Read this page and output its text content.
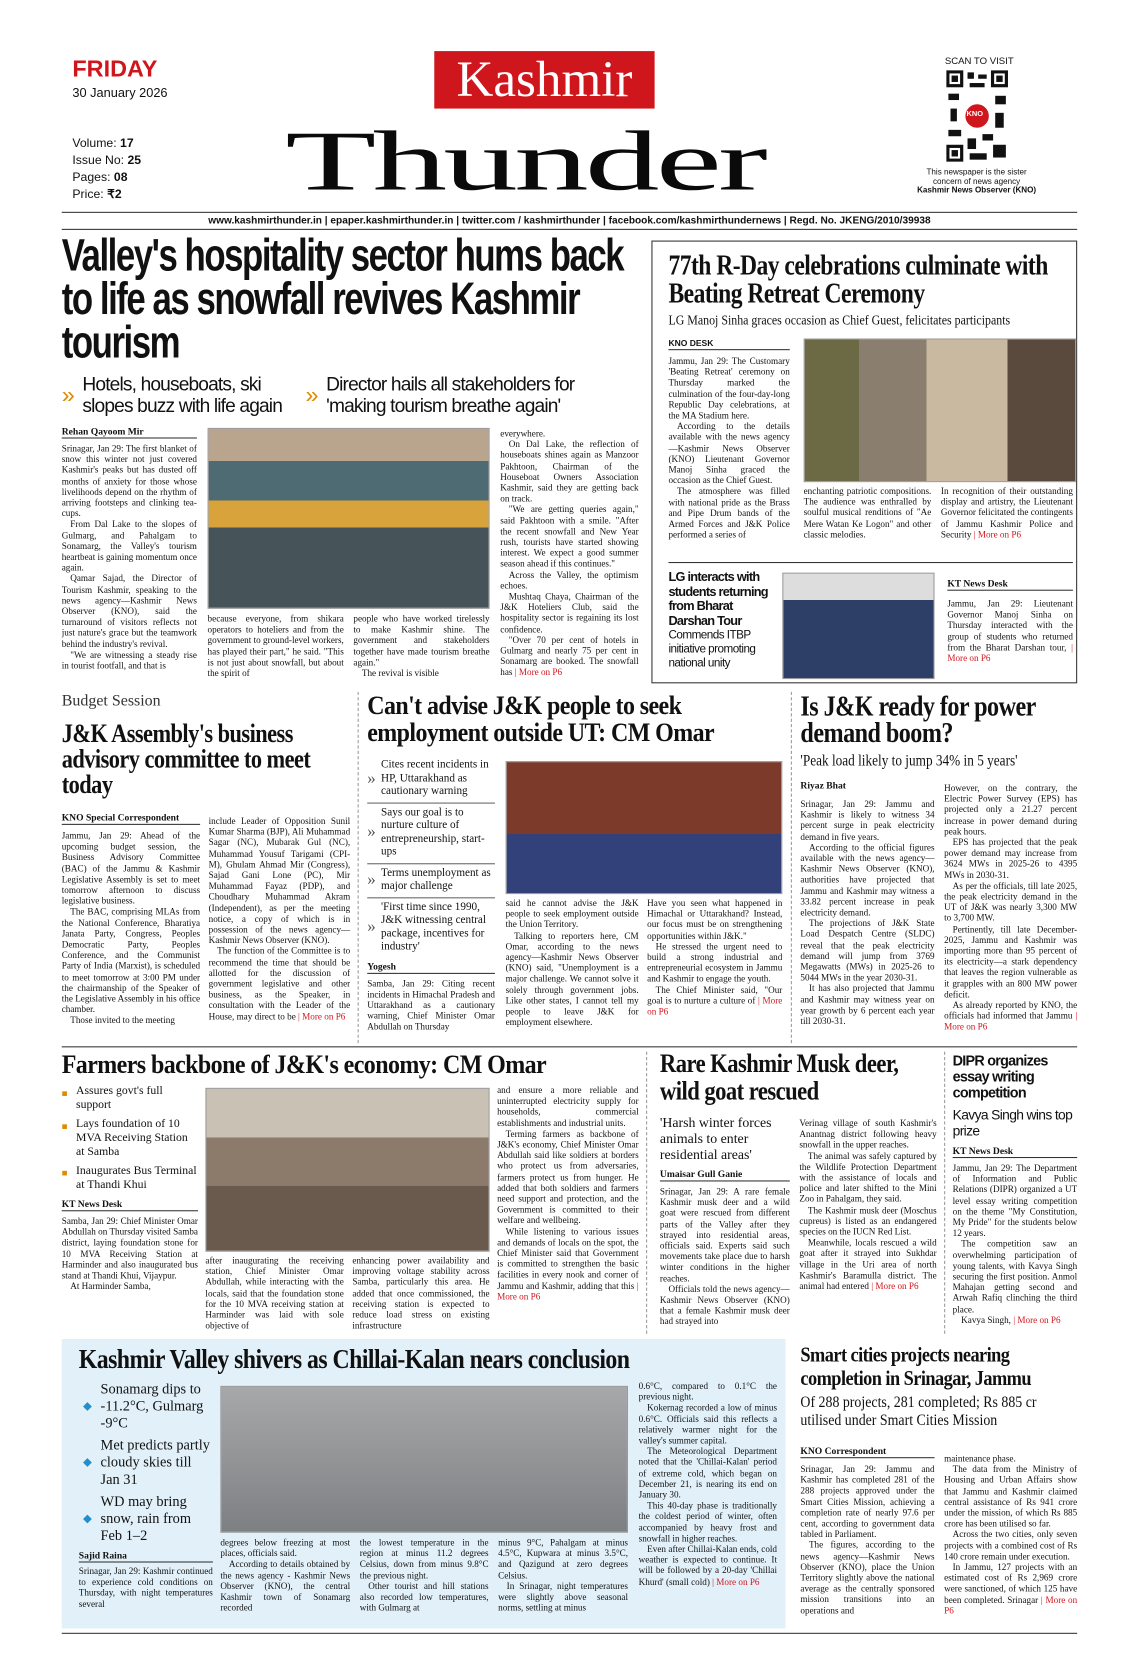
FRIDAY
30 January 2026
Volume: 17
Issue No: 25
Pages: 08
Price: ₹2
Kashmir
Thunder
SCAN TO VISIT
KNO
This newspaper is the sister
concern of news agency
Kashmir News Observer (KNO)
www.kashmirthunder.in | epaper.kashmirthunder.in | twitter.com / kashmirthunder | facebook.com/kashmirthundernews | Regd. No. JKENG/2010/39938
Valley's hospitality sector hums back to life as snowfall revives Kashmir tourism
» Hotels, houseboats, ski slopes buzz with life again	» Director hails all stakeholders for 'making tourism breathe again'
Rehan Qayoom Mir

Srinagar, Jan 29: The first blanket of snow this winter not just covered Kashmir's peaks but has dusted off months of anxiety for those whose livelihoods depend on the rhythm of arriving footsteps and clinking tea-cups.

From Dal Lake to the slopes of Gulmarg, and Pahalgam to Sonamarg, the Valley's tourism heartbeat is gaining momentum once again.

Qamar Sajad, the Director of Tourism Kashmir, speaking to the news agency—Kashmir News Observer (KNO), said the turnaround of visitors reflects not just nature's grace but the teamwork behind the industry's revival.

"We are witnessing a steady rise in tourist footfall, and that is

because everyone, from shikara operators to hoteliers and from the government to ground-level workers, has played their part," he said. "This is not just about snowfall, but about the spirit of

people who have worked tirelessly to make Kashmir shine. The government and stakeholders together have made tourism breathe again."

The revival is visible

everywhere.

On Dal Lake, the reflection of houseboats shines again as Manzoor Pakhtoon, Chairman of the Houseboat Owners Association Kashmir, said they are getting back on track.

"We are getting queries again," said Pakhtoon with a smile. "After the recent snowfall and New Year rush, tourists have started showing interest. We expect a good summer season ahead if this continues."

Across the Valley, the optimism echoes.

Mushtaq Chaya, Chairman of the J&K Hoteliers Club, said the hospitality sector is regaining its lost confidence.

"Over 70 per cent of hotels in Gulmarg and nearly 75 per cent in Sonamarg are booked. The snowfall has | More on P6

77th R-Day celebrations culminate with Beating Retreat Ceremony
LG Manoj Sinha graces occasion as Chief Guest, felicitates participants
KNO DESK

Jammu, Jan 29: The Customary 'Beating Retreat' ceremony on Thursday marked the culmination of the four-day-long Republic Day celebrations, at the MA Stadium here.

According to the details available with the news agency—Kashmir News Observer (KNO) Lieutenant Governor Manoj Sinha graced the occasion as the Chief Guest.

The atmosphere was filled with national pride as the Brass and Pipe Drum bands of the Armed Forces and J&K Police performed a series of

enchanting patriotic compositions. The audience was enthralled by soulful musical renditions of "Ae Mere Watan Ke Logon" and other classic melodies.

In recognition of their outstanding display and artistry, the Lieutenant Governor felicitated the contingents of Jammu Kashmir Police and Security | More on P6

LG interacts with students returning from Bharat Darshan Tour
Commends ITBP initiative promoting national unity
KT News Desk

Jammu, Jan 29: Lieutenant Governor Manoj Sinha on Thursday interacted with the group of students who returned from the Bharat Darshan tour, | More on P6

Budget Session
J&K Assembly's business advisory committee to meet today
KNO Special Correspondent

Jammu, Jan 29: Ahead of the upcoming budget session, the Business Advisory Committee (BAC) of the Jammu & Kashmir Legislative Assembly is set to meet tomorrow afternoon to discuss legislative business.

The BAC, comprising MLAs from the National Conference, Bharatiya Janata Party, Congress, Peoples Democratic Party, Peoples Conference, and the Communist Party of India (Marxist), is scheduled to meet tomorrow at 3:00 PM under the chairmanship of the Speaker of the Legislative Assembly in his office chamber.

Those invited to the meeting

include Leader of Opposition Sunil Kumar Sharma (BJP), Ali Muhammad Sagar (NC), Mubarak Gul (NC), Muhammad Yousuf Tarigami (CPI-M), Ghulam Ahmad Mir (Congress), Sajad Gani Lone (PC), Mir Muhammad Fayaz (PDP), and Choudhary Muhammad Akram (Independent), as per the meeting notice, a copy of which is in possession of the news agency—Kashmir News Observer (KNO).

The function of the Committee is to recommend the time that should be allotted for the discussion of government legislative and other business, as the Speaker, in consultation with the Leader of the House, may direct to be | More on P6

Can't advise J&K people to seek employment outside UT: CM Omar
»
Cites recent incidents in HP, Uttarakhand as cautionary warning
»
Says our goal is to nurture culture of entrepreneurship, start-ups
» Terms unemployment as major challenge
»
'First time since 1990, J&K witnessing central package, incentives for industry'
Yogesh

Samba, Jan 29: Citing recent incidents in Himachal Pradesh and Uttarakhand as a cautionary warning, Chief Minister Omar Abdullah on Thursday

said he cannot advise the J&K people to seek employment outside the Union Territory.

Talking to reporters here, CM Omar, according to the news agency—Kashmir News Observer (KNO) said, "Unemployment is a major challenge. We cannot solve it solely through government jobs. Like other states, I cannot tell my people to leave J&K for employment elsewhere.

Have you seen what happened in Himachal or Uttarakhand? Instead, our focus must be on strengthening opportunities within J&K."

He stressed the urgent need to build a strong industrial and entrepreneurial ecosystem in Jammu and Kashmir to engage the youth.

The Chief Minister said, "Our goal is to nurture a culture of | More on P6

Is J&K ready for power demand boom?
'Peak load likely to jump 34% in 5 years'
Riyaz Bhat

Srinagar, Jan 29: Jammu and Kashmir is likely to witness 34 percent surge in peak electricity demand in five years.

According to the official figures available with the news agency—Kashmir News Observer (KNO), authorities have projected that Jammu and Kashmir may witness a 33.82 percent increase in peak electricity demand.

The projections of J&K State Load Despatch Centre (SLDC) reveal that the peak electricity demand will jump from 3769 Megawatts (MWs) in 2025-26 to 5044 MWs in the year 2030-31.

It has also projected that Jammu and Kashmir may witness year on year growth by 6 percent each year till 2030-31.

However, on the contrary, the Electric Power Survey (EPS) has projected only a 21.27 percent increase in power demand during peak hours.

EPS has projected that the peak power demand may increase from 3624 MWs in 2025-26 to 4395 MWs in 2030-31.

As per the officials, till late 2025, the peak electricity demand in the UT of J&K was nearly 3,300 MW to 3,700 MW.

Pertinently, till late December-2025, Jammu and Kashmir was importing more than 95 percent of its electricity—a stark dependency that leaves the region vulnerable as it grapples with an 800 MW power deficit.

As already reported by KNO, the officials had informed that Jammu | More on P6

Farmers backbone of J&K's economy: CM Omar
■ Assures govt's full support
■ Lays foundation of 10 MVA Receiving Station at Samba
■ Inaugurates Bus Terminal at Thandi Khui
KT News Desk

Samba, Jan 29: Chief Minister Omar Abdullah on Thursday visited Samba district, laying foundation stone for 10 MVA Receiving Station at Harminder and also inaugurated bus stand at Thandi Khui, Vijaypur.

At Harminder Samba,

after inaugurating the receiving station, Chief Minister Omar Abdullah, while interacting with the locals, said that the foundation stone for the 10 MVA receiving station at Harminder was laid with sole objective of

enhancing power availability and improving voltage stability across Samba, particularly this area. He added that once commissioned, the receiving station is expected to reduce load stress on existing infrastructure

and ensure a more reliable and uninterrupted electricity supply for households, commercial establishments and industrial units.

Terming farmers as backbone of J&K's economy, Chief Minister Omar Abdullah said like soldiers at borders who protect us from adversaries, farmers protect us from hunger. He added that both soldiers and farmers need support and protection, and the Government is committed to their welfare and wellbeing.

While listening to various issues and demands of locals on the spot, the Chief Minister said that Government is committed to strengthen the basic facilities in every nook and corner of Jammu and Kashmir, adding that this | More on P6

Rare Kashmir Musk deer, wild goat rescued
'Harsh winter forces animals to enter residential areas'
Umaisar Gull Ganie

Srinagar, Jan 29: A rare female Kashmir musk deer and a wild goat were rescued from different parts of the Valley after they strayed into residential areas, officials said. Experts said such movements take place due to harsh winter conditions in the higher reaches.

Officials told the news agency—Kashmir News Observer (KNO) that a female Kashmir musk deer had strayed into

Verinag village of south Kashmir's Anantnag district following heavy snowfall in the upper reaches.

The animal was safely captured by the Wildlife Protection Department with the assistance of locals and police and later shifted to the Mini Zoo in Pahalgam, they said.

The Kashmir musk deer (Moschus cupreus) is listed as an endangered species on the IUCN Red List.

Meanwhile, locals rescued a wild goat after it strayed into Sukhdar village in the Uri area of north Kashmir's Baramulla district. The animal had entered | More on P6

DIPR organizes essay writing competition
Kavya Singh wins top prize
KT News Desk

Jammu, Jan 29: The Department of Information and Public Relations (DIPR) organized a UT level essay writing competition on the theme "My Constitution, My Pride" for the students below 12 years.

The competition saw an overwhelming participation of young talents, with Kavya Singh securing the first position. Anmol Mahajan getting second and Arwah Rafiq clinching the third place.

Kavya Singh, | More on P6

Kashmir Valley shivers as Chillai-Kalan nears conclusion
◆
Sonamarg dips to -11.2°C, Gulmarg -9°C
◆
Met predicts partly cloudy skies till Jan 31
◆
WD may bring snow, rain from Feb 1–2
Sajid Raina

Srinagar, Jan 29: Kashmir continued to experience cold conditions on Thursday, with night temperatures several

degrees below freezing at most places, officials said.

According to details obtained by the news agency - Kashmir News Observer (KNO), the central Kashmir town of Sonamarg recorded

the lowest temperature in the region at minus 11.2 degrees Celsius, down from minus 9.8°C the previous night.

Other tourist and hill stations also recorded low temperatures, with Gulmarg at

minus 9°C, Pahalgam at minus 4.5°C, Kupwara at minus 3.5°C, and Qazigund at zero degrees Celsius.

In Srinagar, night temperatures were slightly above seasonal norms, settling at minus

0.6°C, compared to 0.1°C the previous night.

Kokernag recorded a low of minus 0.6°C. Officials said this reflects a relatively warmer night for the valley's summer capital.

The Meteorological Department noted that the 'Chillai-Kalan' period of extreme cold, which began on December 21, is nearing its end on January 30.

This 40-day phase is traditionally the coldest period of winter, often accompanied by heavy frost and snowfall in higher reaches.

Even after Chillai-Kalan ends, cold weather is expected to continue. It will be followed by a 20-day 'Chillai Khurd' (small cold) | More on P6

Smart cities projects nearing completion in Srinagar, Jammu
Of 288 projects, 281 completed; Rs 885 cr utilised under Smart Cities Mission
KNO Correspondent

Srinagar, Jan 29: Jammu and Kashmir has completed 281 of the 288 projects approved under the Smart Cities Mission, achieving a completion rate of nearly 97.6 per cent, according to government data tabled in Parliament.

The figures, according to the news agency—Kashmir News Observer (KNO), place the Union Territory slightly above the national average as the centrally sponsored mission transitions into an operations and

maintenance phase.

The data from the Ministry of Housing and Urban Affairs show that Jammu and Kashmir claimed central assistance of Rs 941 crore under the mission, of which Rs 885 crore has been utilised so far.

Across the two cities, only seven projects with a combined cost of Rs 140 crore remain under execution.

In Jammu, 127 projects with an estimated cost of Rs 2,969 crore were sanctioned, of which 125 have been completed. Srinagar | More on P6
